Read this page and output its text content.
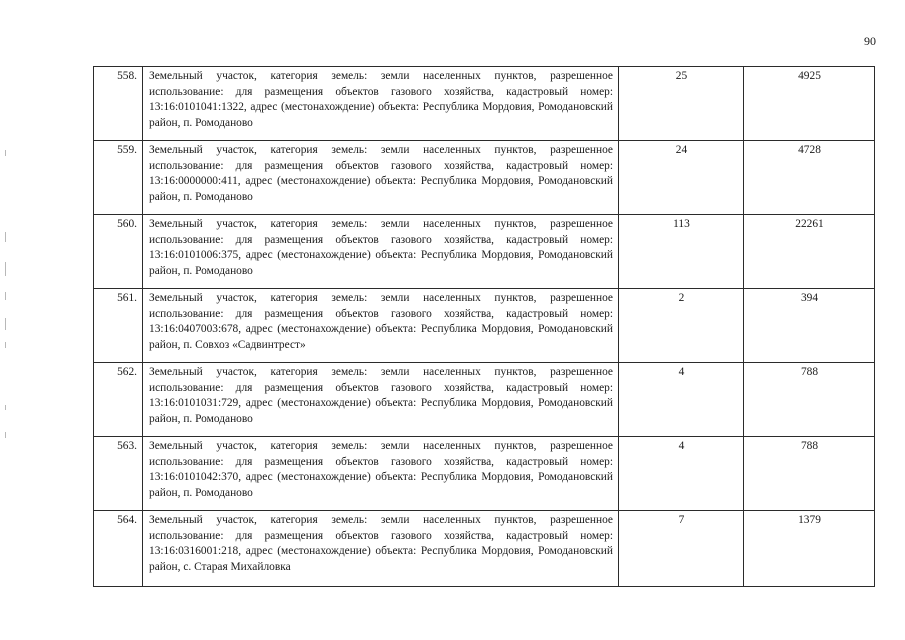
90
558.	Земельный участок, категория земель: земли населенных пунктов, разрешенное использование: для размещения объектов газового хозяйства, кадастровый номер: 13:16:0101041:1322, адрес (местонахождение) объекта: Республика Мордовия, Ромодановский район, п. Ромоданово	25	4925
559.	Земельный участок, категория земель: земли населенных пунктов, разрешенное использование: для размещения объектов газового хозяйства, кадастровый номер: 13:16:0000000:411, адрес (местонахождение) объекта: Республика Мордовия, Ромодановский район, п. Ромоданово	24	4728
560.	Земельный участок, категория земель: земли населенных пунктов, разрешенное использование: для размещения объектов газового хозяйства, кадастровый номер: 13:16:0101006:375, адрес (местонахождение) объекта: Республика Мордовия, Ромодановский район, п. Ромоданово	113	22261
561.	Земельный участок, категория земель: земли населенных пунктов, разрешенное использование: для размещения объектов газового хозяйства, кадастровый номер: 13:16:0407003:678, адрес (местонахождение) объекта: Республика Мордовия, Ромодановский район, п. Совхоз «Садвинтрест»	2	394
562.	Земельный участок, категория земель: земли населенных пунктов, разрешенное использование: для размещения объектов газового хозяйства, кадастровый номер: 13:16:0101031:729, адрес (местонахождение) объекта: Республика Мордовия, Ромодановский район, п. Ромоданово	4	788
563.	Земельный участок, категория земель: земли населенных пунктов, разрешенное использование: для размещения объектов газового хозяйства, кадастровый номер: 13:16:0101042:370, адрес (местонахождение) объекта: Республика Мордовия, Ромодановский район, п. Ромоданово	4	788
564.	Земельный участок, категория земель: земли населенных пунктов, разрешенное использование: для размещения объектов газового хозяйства, кадастровый номер: 13:16:0316001:218, адрес (местонахождение) объекта: Республика Мордовия, Ромодановский район, с. Старая Михайловка	7	1379
